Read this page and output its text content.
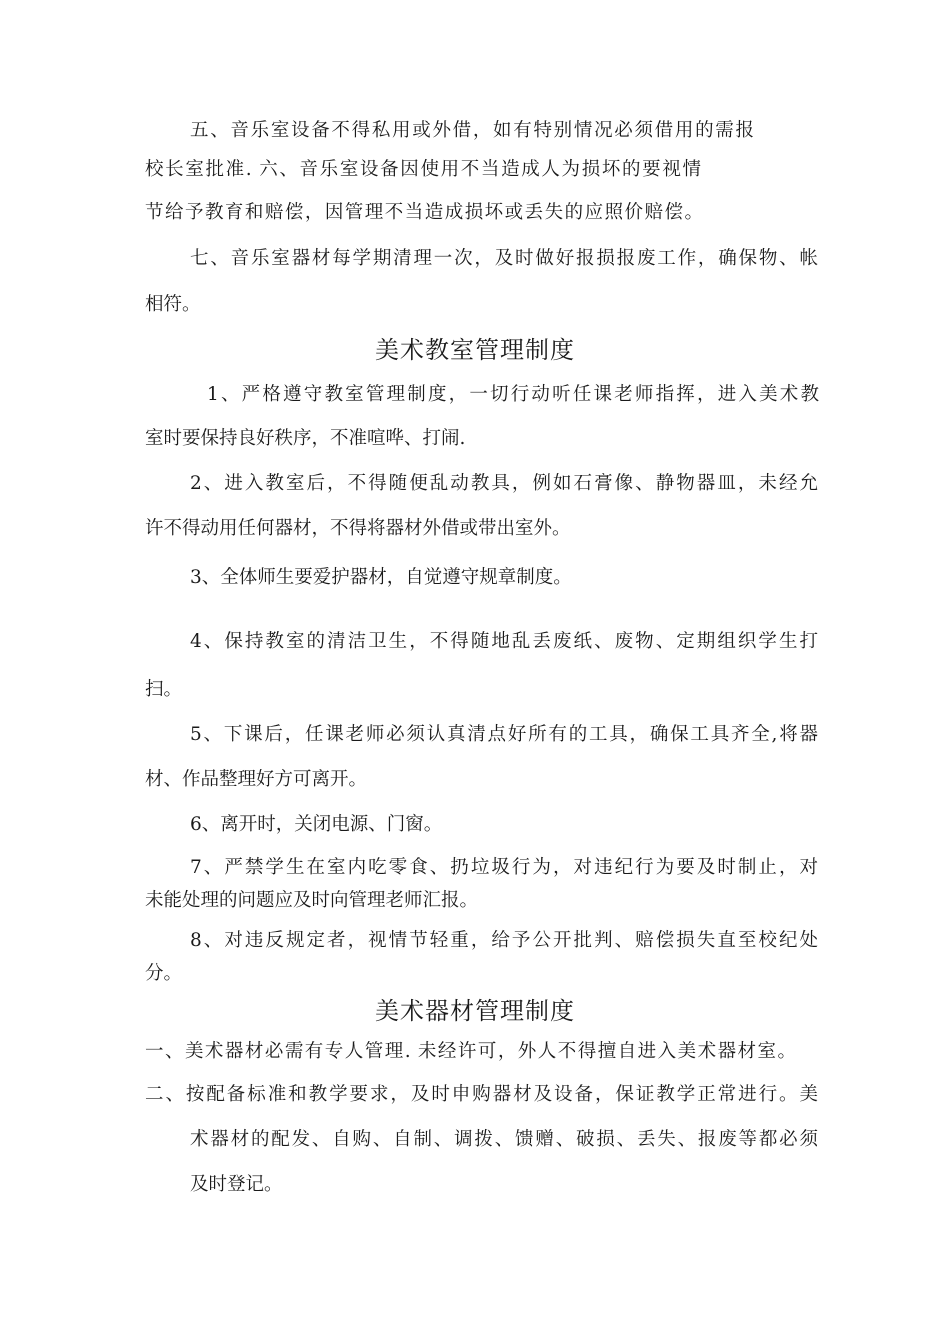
五、音乐室设备不得私用或外借，如有特别情况必须借用的需报
校长室批准. 六、音乐室设备因使用不当造成人为损坏的要视情
节给予教育和赔偿，因管理不当造成损坏或丢失的应照价赔偿。
七、音乐室器材每学期清理一次，及时做好报损报废工作，确保物、帐
相符。
美术教室管理制度
1、严格遵守教室管理制度，一切行动听任课老师指挥，进入美术教
室时要保持良好秩序，不准喧哗、打闹.
2、进入教室后，不得随便乱动教具，例如石膏像、静物器皿，未经允
许不得动用任何器材，不得将器材外借或带出室外。
3、全体师生要爱护器材，自觉遵守规章制度。
4、保持教室的清洁卫生，不得随地乱丢废纸、废物、定期组织学生打
扫。
5、下课后，任课老师必须认真清点好所有的工具，确保工具齐全,将器
材、作品整理好方可离开。
6、离开时，关闭电源、门窗。
7、严禁学生在室内吃零食、扔垃圾行为，对违纪行为要及时制止，对
未能处理的问题应及时向管理老师汇报。
8、对违反规定者，视情节轻重，给予公开批判、赔偿损失直至校纪处
分。
美术器材管理制度
一、美术器材必需有专人管理. 未经许可，外人不得擅自进入美术器材室。
二、按配备标准和教学要求，及时申购器材及设备，保证教学正常进行。美
术器材的配发、自购、自制、调拨、馈赠、破损、丢失、报废等都必须
及时登记。
